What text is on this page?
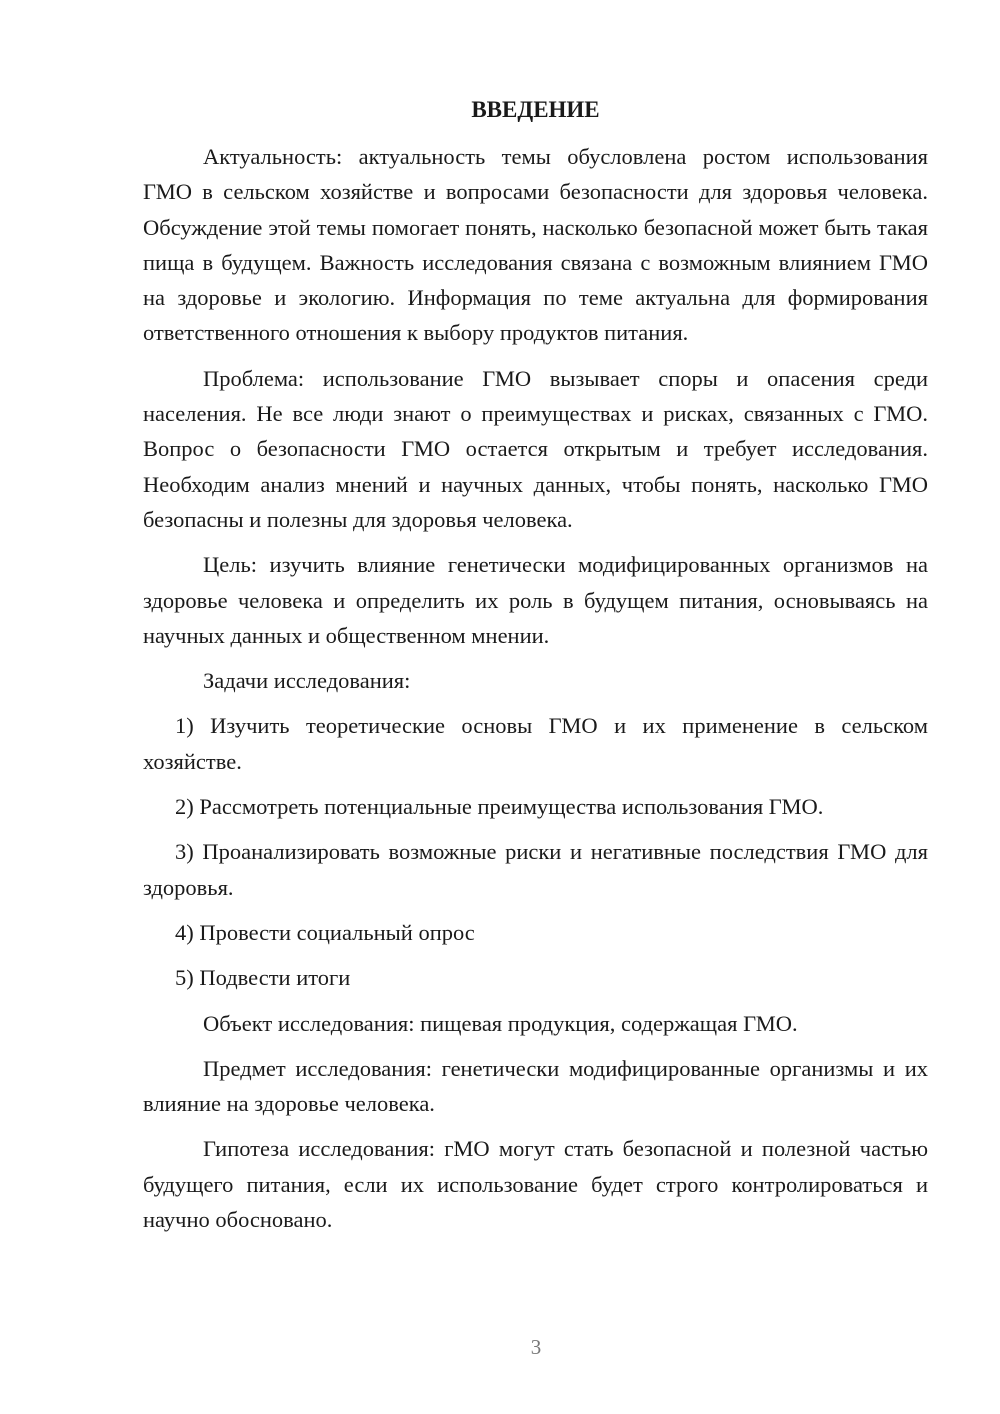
ВВЕДЕНИЕ

Актуальность: актуальность темы обусловлена ростом использования ГМО в сельском хозяйстве и вопросами безопасности для здоровья человека. Обсуждение этой темы помогает понять, насколько безопасной может быть такая пища в будущем. Важность исследования связана с возможным влиянием ГМО на здоровье и экологию. Информация по теме актуальна для формирования ответственного отношения к выбору продуктов питания.

Проблема: использование ГМО вызывает споры и опасения среди населения. Не все люди знают о преимуществах и рисках, связанных с ГМО. Вопрос о безопасности ГМО остается открытым и требует исследования. Необходим анализ мнений и научных данных, чтобы понять, насколько ГМО безопасны и полезны для здоровья человека.

Цель: изучить влияние генетически модифицированных организмов на здоровье человека и определить их роль в будущем питания, основываясь на научных данных и общественном мнении.

Задачи исследования:

1) Изучить теоретические основы ГМО и их применение в сельском хозяйстве.

2) Рассмотреть потенциальные преимущества использования ГМО.

3) Проанализировать возможные риски и негативные последствия ГМО для здоровья.

4) Провести социальный опрос

5) Подвести итоги

Объект исследования: пищевая продукция, содержащая ГМО.

Предмет исследования: генетически модифицированные организмы и их влияние на здоровье человека.

Гипотеза исследования: гМО могут стать безопасной и полезной частью будущего питания, если их использование будет строго контролироваться и научно обосновано.

3
